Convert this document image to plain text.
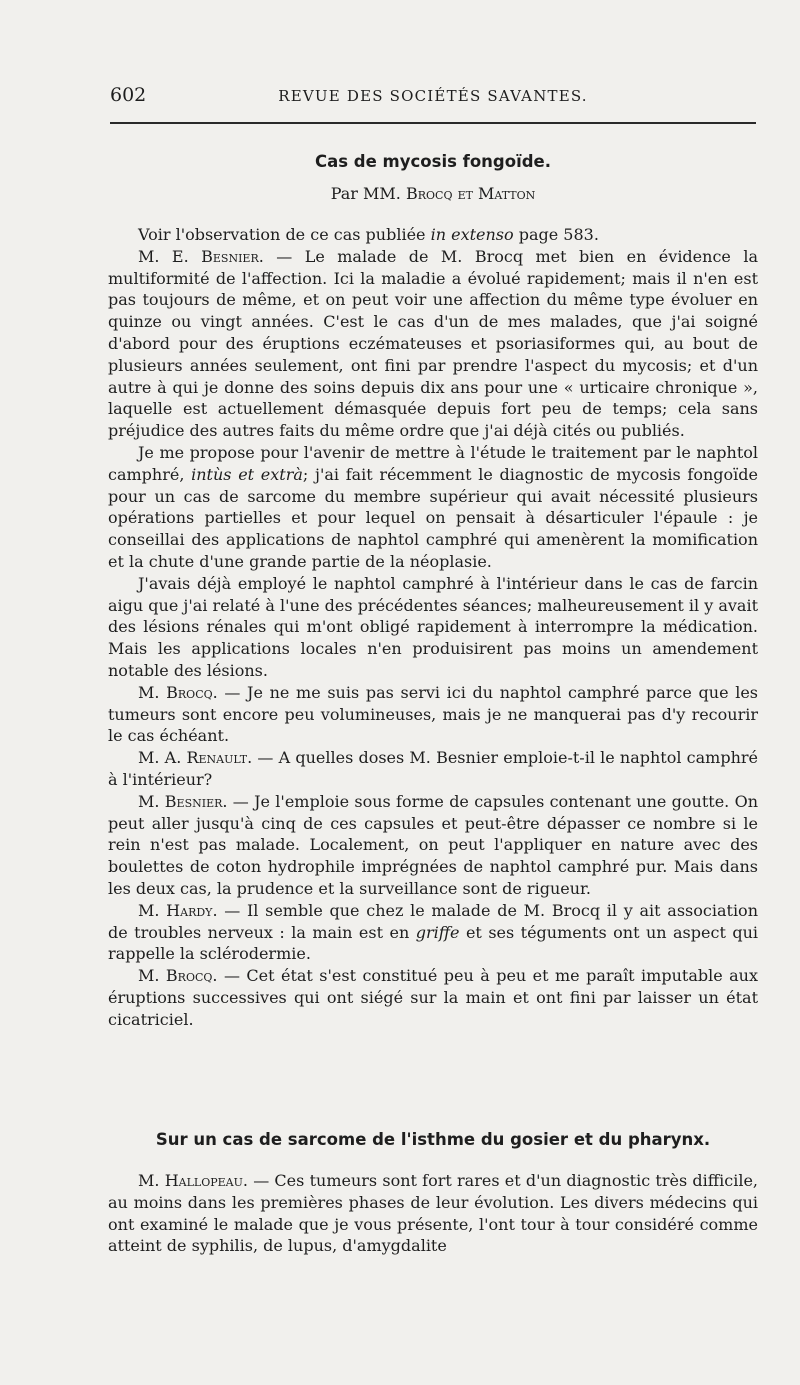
602	REVUE DES SOCIÉTÉS SAVANTES.
Cas de mycosis fongoïde.

Par MM. Brocq et Matton

Voir l'observation de ce cas publiée in extenso page 583.

M. E. Besnier. — Le malade de M. Brocq met bien en évidence la multiformité de l'affection. Ici la maladie a évolué rapidement; mais il n'en est pas toujours de même, et on peut voir une affection du même type évoluer en quinze ou vingt années. C'est le cas d'un de mes malades, que j'ai soigné d'abord pour des éruptions eczémateuses et psoriasiformes qui, au bout de plusieurs années seulement, ont fini par prendre l'aspect du mycosis; et d'un autre à qui je donne des soins depuis dix ans pour une « urticaire chronique », laquelle est actuellement démasquée depuis fort peu de temps; cela sans préjudice des autres faits du même ordre que j'ai déjà cités ou publiés.

Je me propose pour l'avenir de mettre à l'étude le traitement par le naphtol camphré, intùs et extrà; j'ai fait récemment le diagnostic de mycosis fongoïde pour un cas de sarcome du membre supérieur qui avait nécessité plusieurs opérations partielles et pour lequel on pensait à désarticuler l'épaule : je conseillai des applications de naphtol camphré qui amenèrent la momification et la chute d'une grande partie de la néoplasie.

J'avais déjà employé le naphtol camphré à l'intérieur dans le cas de farcin aigu que j'ai relaté à l'une des précédentes séances; malheureusement il y avait des lésions rénales qui m'ont obligé rapidement à interrompre la médication. Mais les applications locales n'en produisirent pas moins un amendement notable des lésions.

M. Brocq. — Je ne me suis pas servi ici du naphtol camphré parce que les tumeurs sont encore peu volumineuses, mais je ne manquerai pas d'y recourir le cas échéant.

M. A. Renault. — A quelles doses M. Besnier emploie-t-il le naphtol camphré à l'intérieur?

M. Besnier. — Je l'emploie sous forme de capsules contenant une goutte. On peut aller jusqu'à cinq de ces capsules et peut-être dépasser ce nombre si le rein n'est pas malade. Localement, on peut l'appliquer en nature avec des boulettes de coton hydrophile imprégnées de naphtol camphré pur. Mais dans les deux cas, la prudence et la surveillance sont de rigueur.

M. Hardy. — Il semble que chez le malade de M. Brocq il y ait association de troubles nerveux : la main est en griffe et ses téguments ont un aspect qui rappelle la sclérodermie.

M. Brocq. — Cet état s'est constitué peu à peu et me paraît imputable aux éruptions successives qui ont siégé sur la main et ont fini par laisser un état cicatriciel.

Sur un cas de sarcome de l'isthme du gosier et du pharynx.

M. Hallopeau. — Ces tumeurs sont fort rares et d'un diagnostic très difficile, au moins dans les premières phases de leur évolution. Les divers médecins qui ont examiné le malade que je vous présente, l'ont tour à tour considéré comme atteint de syphilis, de lupus, d'amygdalite
